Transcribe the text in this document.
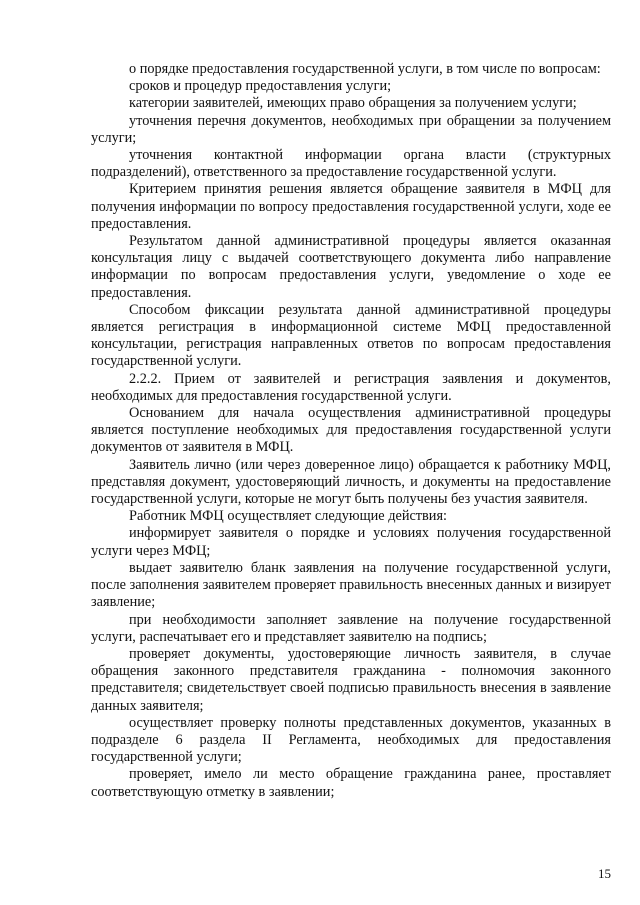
о порядке предоставления государственной услуги, в том числе по вопросам:

сроков и процедур предоставления услуги;

категории заявителей, имеющих право обращения за получением услуги;

уточнения перечня документов, необходимых при обращении за получением услуги;

уточнения контактной информации органа власти (структурных подразделений), ответственного за предоставление государственной услуги.

Критерием принятия решения является обращение заявителя в МФЦ для получения информации по вопросу предоставления государственной услуги, ходе ее предоставления.

Результатом данной административной процедуры является оказанная консультация лицу с выдачей соответствующего документа либо направление информации по вопросам предоставления услуги, уведомление о ходе ее предоставления.

Способом фиксации результата данной административной процедуры является регистрация в информационной системе МФЦ предоставленной консультации, регистрация направленных ответов по вопросам предоставления государственной услуги.

2.2.2. Прием от заявителей и регистрация заявления и документов, необходимых для предоставления государственной услуги.

Основанием для начала осуществления административной процедуры является поступление необходимых для предоставления государственной услуги документов от заявителя в МФЦ.

Заявитель лично (или через доверенное лицо) обращается к работнику МФЦ, представляя документ, удостоверяющий личность, и документы на предоставление государственной услуги, которые не могут быть получены без участия заявителя.

Работник МФЦ осуществляет следующие действия:

информирует заявителя о порядке и условиях получения государственной услуги через МФЦ;

выдает заявителю бланк заявления на получение государственной услуги, после заполнения заявителем проверяет правильность внесенных данных и визирует заявление;

при необходимости заполняет заявление на получение государственной услуги, распечатывает его и представляет заявителю на подпись;

проверяет документы, удостоверяющие личность заявителя, в случае обращения законного представителя гражданина - полномочия законного представителя; свидетельствует своей подписью правильность внесения в заявление данных заявителя;

осуществляет проверку полноты представленных документов, указанных в подразделе 6 раздела II Регламента, необходимых для предоставления государственной услуги;

проверяет, имело ли место обращение гражданина ранее, проставляет соответствующую отметку в заявлении;

15
